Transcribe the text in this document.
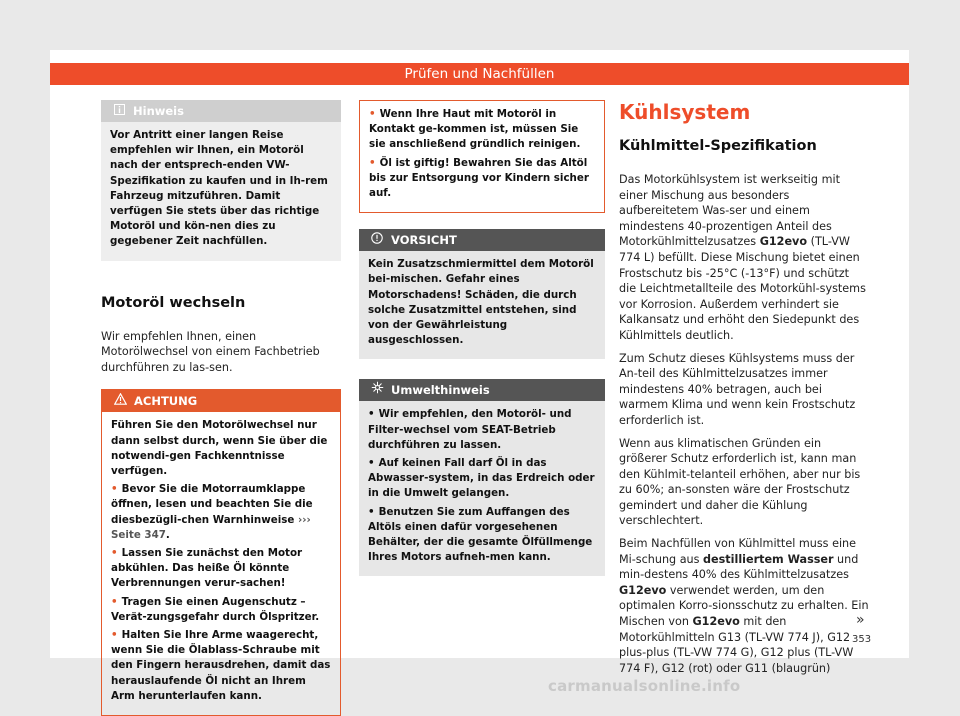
Prüfen und Nachfüllen
Hinweis

Vor Antritt einer langen Reise empfehlen wir Ihnen, ein Motoröl nach der entsprech-enden VW-Spezifikation zu kaufen und in Ih-rem Fahrzeug mitzuführen. Damit verfügen Sie stets über das richtige Motoröl und kön-nen dies zu gegebener Zeit nachfüllen.

Motoröl wechseln

Wir empfehlen Ihnen, einen Motorölwechsel von einem Fachbetrieb durchführen zu las-sen.

ACHTUNG

Führen Sie den Motorölwechsel nur dann selbst durch, wenn Sie über die notwendi-gen Fachkenntnisse verfügen.

• Bevor Sie die Motorraumklappe öffnen, lesen und beachten Sie die diesbezügli-chen Warnhinweise ››› Seite 347.

• Lassen Sie zunächst den Motor abkühlen. Das heiße Öl könnte Verbrennungen verur-sachen!

• Tragen Sie einen Augenschutz – Verät-zungsgefahr durch Ölspritzer.

• Halten Sie Ihre Arme waagerecht, wenn Sie die Ölablass-Schraube mit den Fingern herausdrehen, damit das herauslaufende Öl nicht an Ihrem Arm herunterlaufen kann.

• Wenn Ihre Haut mit Motoröl in Kontakt ge-kommen ist, müssen Sie sie anschließend gründlich reinigen.

• Öl ist giftig! Bewahren Sie das Altöl bis zur Entsorgung vor Kindern sicher auf.

VORSICHT

Kein Zusatzschmiermittel dem Motoröl bei-mischen. Gefahr eines Motorschadens! Schäden, die durch solche Zusatzmittel entstehen, sind von der Gewährleistung ausgeschlossen.

Umwelthinweis

• Wir empfehlen, den Motoröl- und Filter-wechsel vom SEAT-Betrieb durchführen zu lassen.

• Auf keinen Fall darf Öl in das Abwasser-system, in das Erdreich oder in die Umwelt gelangen.

• Benutzen Sie zum Auffangen des Altöls einen dafür vorgesehenen Behälter, der die gesamte Ölfüllmenge Ihres Motors aufneh-men kann.

Kühlsystem
Kühlmittel-Spezifikation

Das Motorkühlsystem ist werkseitig mit einer Mischung aus besonders aufbereitetem Was-ser und einem mindestens 40-prozentigen Anteil des Motorkühlmittelzusatzes G12evo (TL-VW 774 L) befüllt. Diese Mischung bietet einen Frostschutz bis -25°C (-13°F) und schützt die Leichtmetallteile des Motorkühl-systems vor Korrosion. Außerdem verhindert sie Kalkansatz und erhöht den Siedepunkt des Kühlmittels deutlich.

Zum Schutz dieses Kühlsystems muss der An-teil des Kühlmittelzusatzes immer mindestens 40% betragen, auch bei warmem Klima und wenn kein Frostschutz erforderlich ist.

Wenn aus klimatischen Gründen ein größerer Schutz erforderlich ist, kann man den Kühlmit-telanteil erhöhen, aber nur bis zu 60%; an-sonsten wäre der Frostschutz gemindert und daher die Kühlung verschlechtert.

Beim Nachfüllen von Kühlmittel muss eine Mi-schung aus destilliertem Wasser und min-destens 40% des Kühlmittelzusatzes G12evo verwendet werden, um den optimalen Korro-sionsschutz zu erhalten. Ein Mischen von G12evo mit den Motorkühlmitteln G13 (TL-VW 774 J), G12 plus-plus (TL-VW 774 G), G12 plus (TL-VW 774 F), G12 (rot) oder G11 (blaugrün)

»
353
carmanualsonline.info
